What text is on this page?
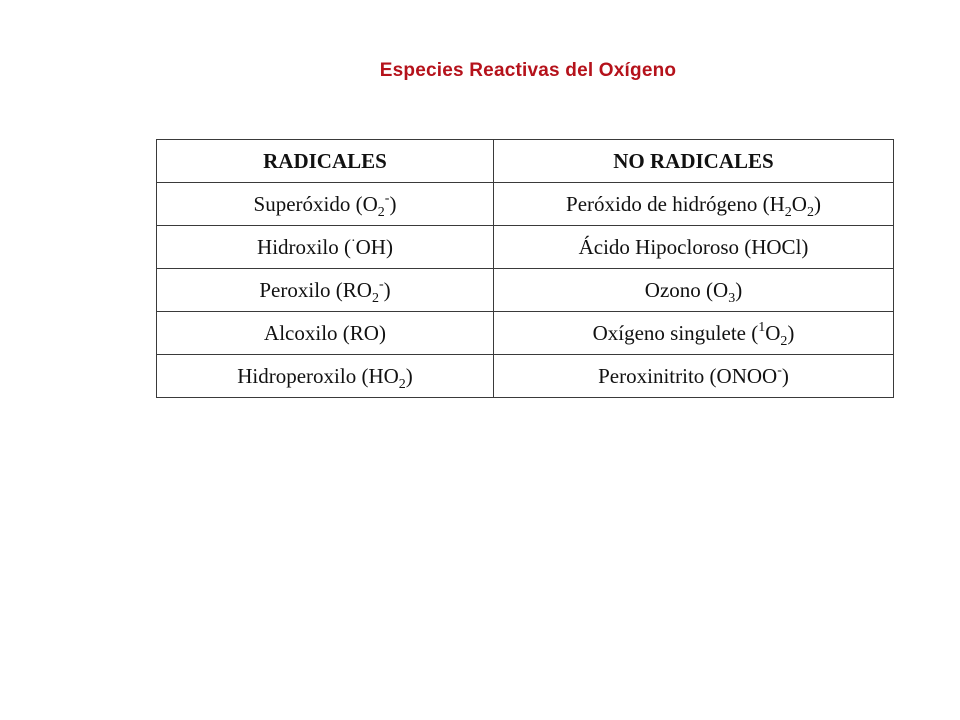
Especies Reactivas del Oxígeno
RADICALES	NO RADICALES
Superóxido $(O_2^-)$	Peróxido de hidrógeno $(H_2O_2)$
Hidroxilo (·OH)	Ácido Hipocloroso (HOCl)
Peroxilo $(RO_2^-)$	Ozono $(O_3)$
Alcoxilo (RO)	Oxígeno singulete $(^1O_2)$
Hidroperoxilo $(HO_2)$	Peroxinitrito (ONOO-)
